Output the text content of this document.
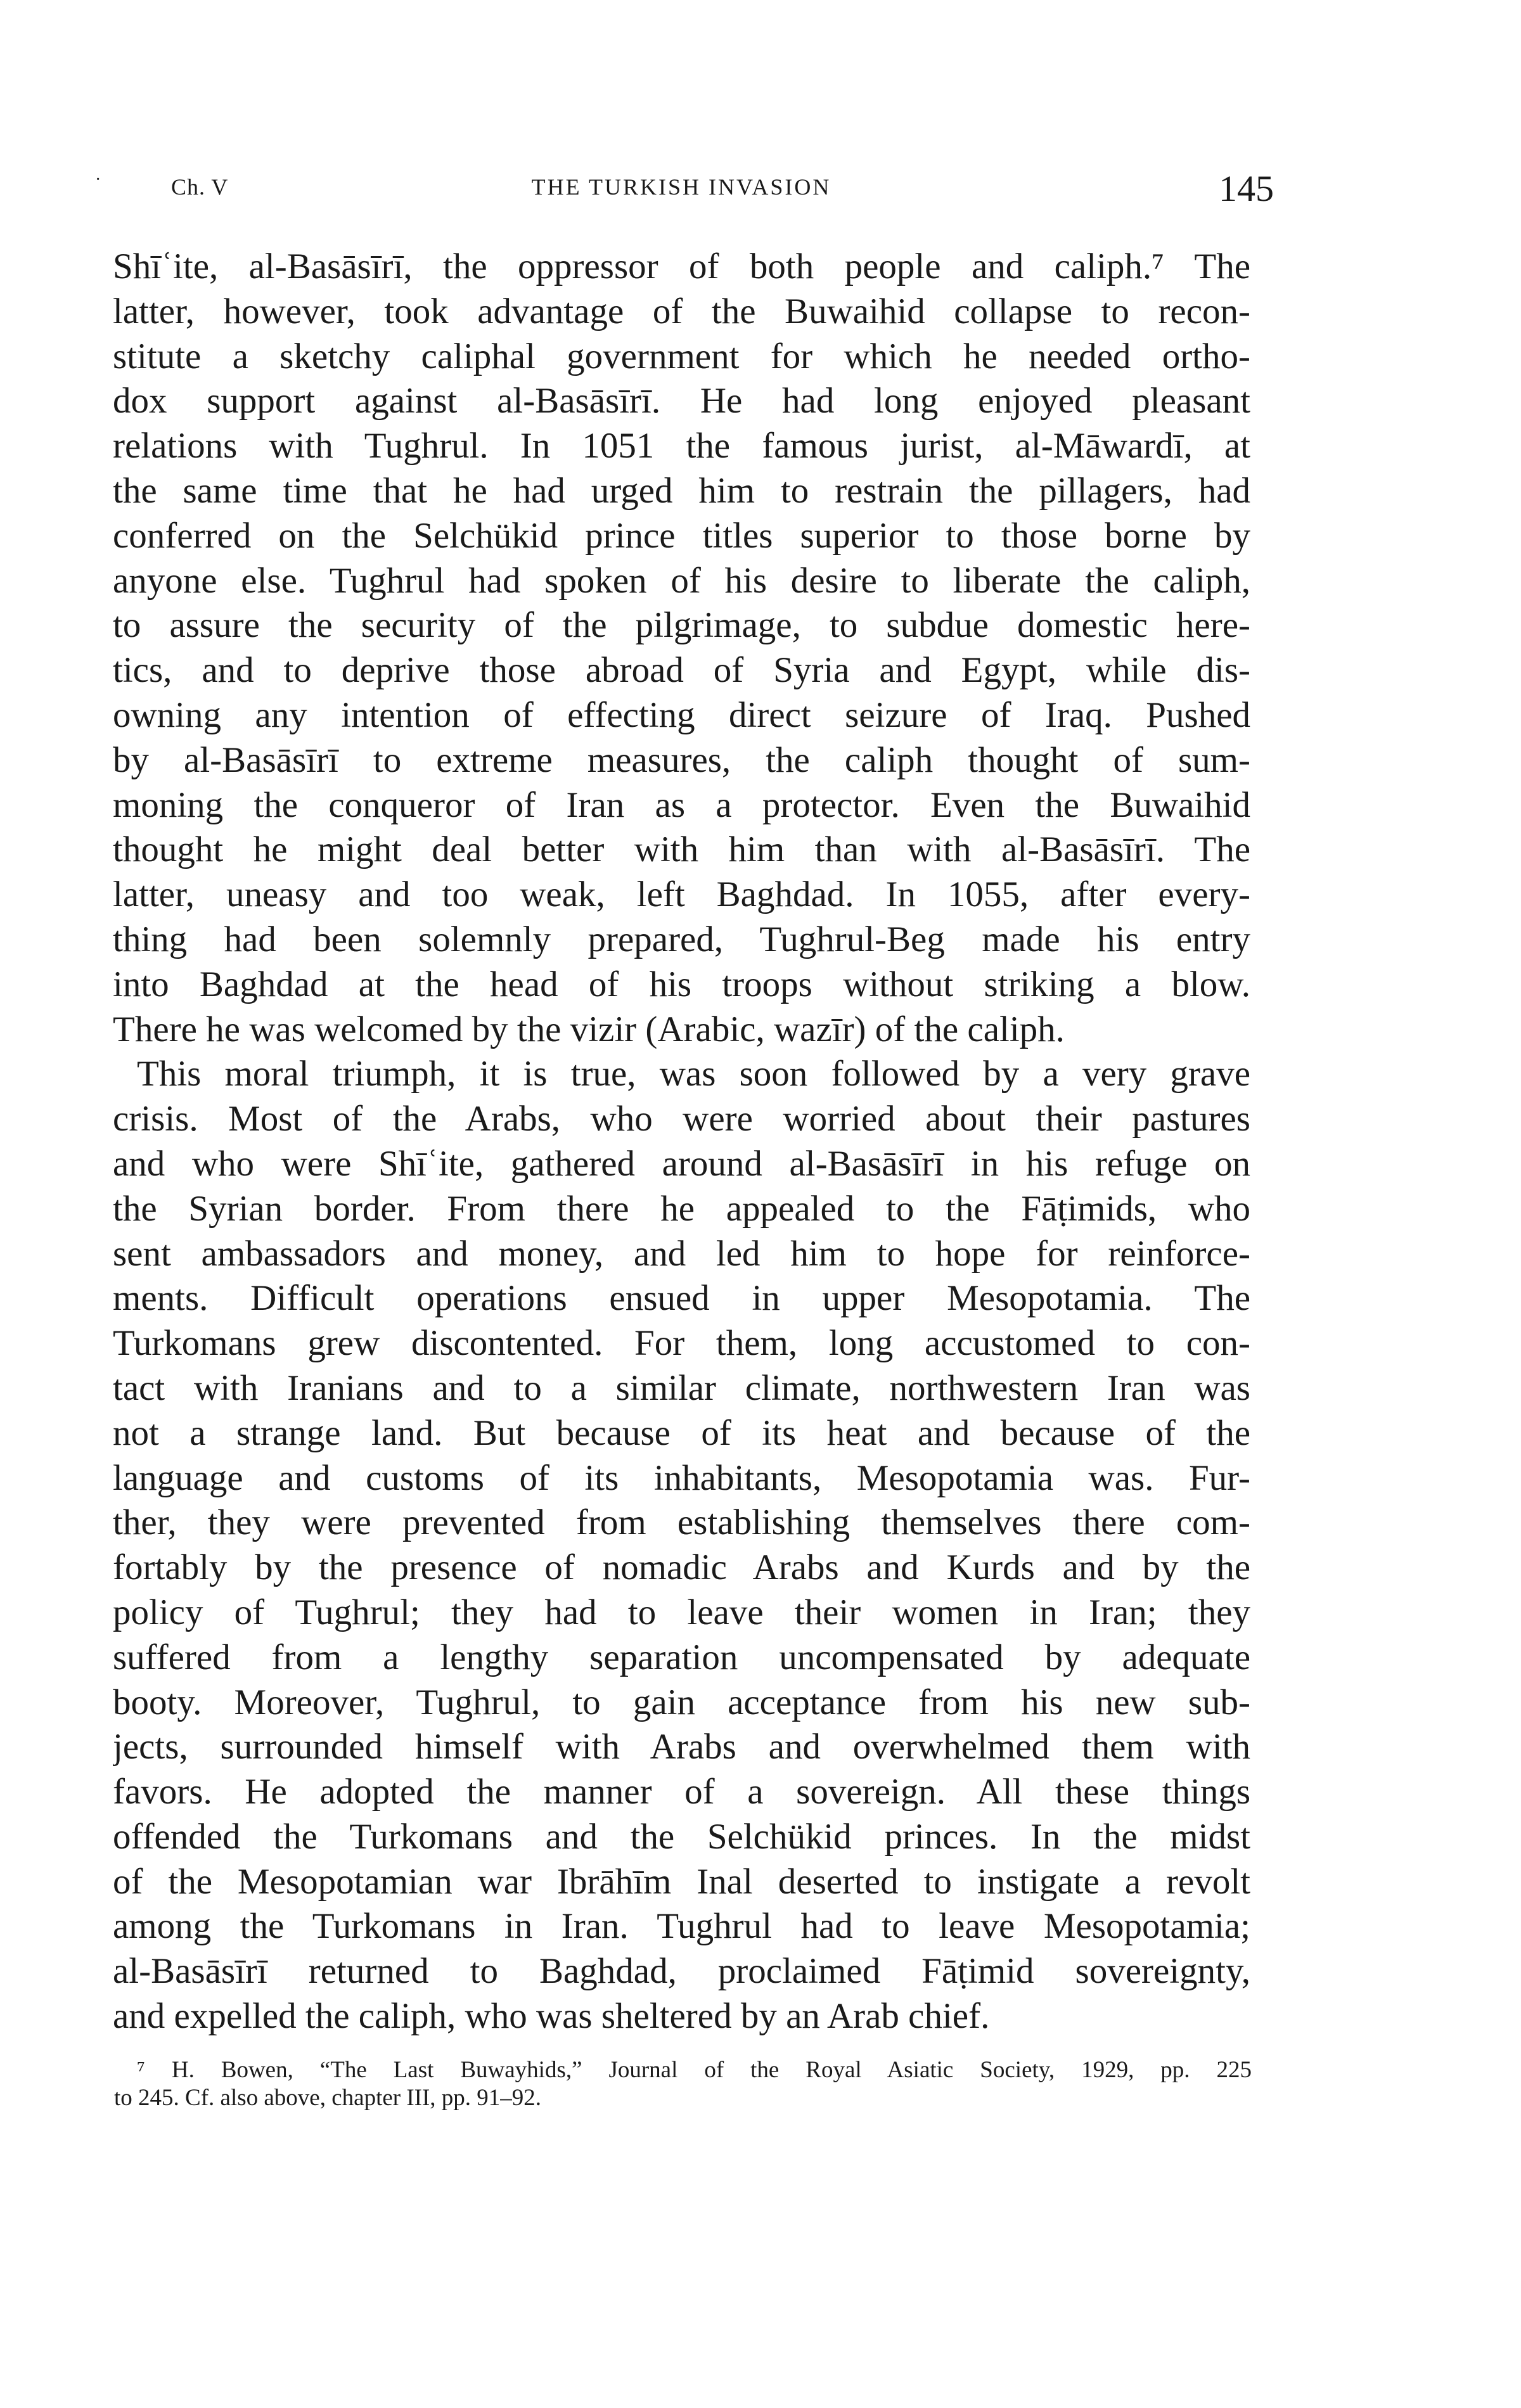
·	Ch. V	THE TURKISH INVASION	145
Shīʿite, al-Basāsīrī, the oppressor of both people and caliph.⁷ The
latter, however, took advantage of the Buwaihid collapse to recon-
stitute a sketchy caliphal government for which he needed ortho-
dox support against al-Basāsīrī. He had long enjoyed pleasant
relations with Tughrul. In 1051 the famous jurist, al-Māwardī, at
the same time that he had urged him to restrain the pillagers, had
conferred on the Selchükid prince titles superior to those borne by
anyone else. Tughrul had spoken of his desire to liberate the caliph,
to assure the security of the pilgrimage, to subdue domestic here-
tics, and to deprive those abroad of Syria and Egypt, while dis-
owning any intention of effecting direct seizure of Iraq. Pushed
by al-Basāsīrī to extreme measures, the caliph thought of sum-
moning the conqueror of Iran as a protector. Even the Buwaihid
thought he might deal better with him than with al-Basāsīrī. The
latter, uneasy and too weak, left Baghdad. In 1055, after every-
thing had been solemnly prepared, Tughrul-Beg made his entry
into Baghdad at the head of his troops without striking a blow.
There he was welcomed by the vizir (Arabic, wazīr) of the caliph.
This moral triumph, it is true, was soon followed by a very grave
crisis. Most of the Arabs, who were worried about their pastures
and who were Shīʿite, gathered around al-Basāsīrī in his refuge on
the Syrian border. From there he appealed to the Fāṭimids, who
sent ambassadors and money, and led him to hope for reinforce-
ments. Difficult operations ensued in upper Mesopotamia. The
Turkomans grew discontented. For them, long accustomed to con-
tact with Iranians and to a similar climate, northwestern Iran was
not a strange land. But because of its heat and because of the
language and customs of its inhabitants, Mesopotamia was. Fur-
ther, they were prevented from establishing themselves there com-
fortably by the presence of nomadic Arabs and Kurds and by the
policy of Tughrul; they had to leave their women in Iran; they
suffered from a lengthy separation uncompensated by adequate
booty. Moreover, Tughrul, to gain acceptance from his new sub-
jects, surrounded himself with Arabs and overwhelmed them with
favors. He adopted the manner of a sovereign. All these things
offended the Turkomans and the Selchükid princes. In the midst
of the Mesopotamian war Ibrāhīm Inal deserted to instigate a revolt
among the Turkomans in Iran. Tughrul had to leave Mesopotamia;
al-Basāsīrī returned to Baghdad, proclaimed Fāṭimid sovereignty,
and expelled the caliph, who was sheltered by an Arab chief.
⁷ H. Bowen, “The Last Buwayhids,” Journal of the Royal Asiatic Society, 1929, pp. 225
to 245. Cf. also above, chapter III, pp. 91–92.
